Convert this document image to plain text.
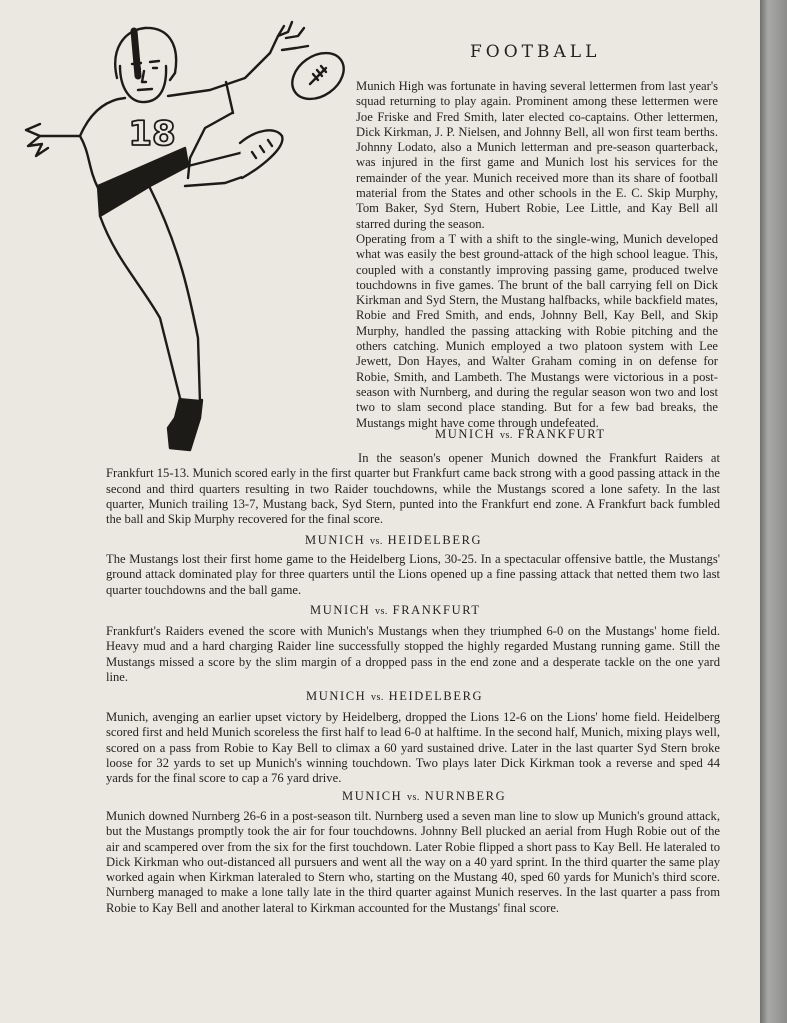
18
FOOTBALL

Munich High was fortunate in having several lettermen from last year's squad returning to play again. Prominent among these lettermen were Joe Friske and Fred Smith, later elected co-captains. Other lettermen, Dick Kirkman, J. P. Nielsen, and Johnny Bell, all won first team berths. Johnny Lodato, also a Munich letterman and pre-season quarterback, was injured in the first game and Munich lost his services for the remainder of the year. Munich received more than its share of football material from the States and other schools in the E. C. Skip Murphy, Tom Baker, Syd Stern, Hubert Robie, Lee Little, and Kay Bell all starred during the season.

Operating from a T with a shift to the single-wing, Munich developed what was easily the best ground-attack of the high school league. This, coupled with a constantly improving passing game, produced twelve touchdowns in five games. The brunt of the ball carrying fell on Dick Kirkman and Syd Stern, the Mustang halfbacks, while backfield mates, Robie and Fred Smith, and ends, Johnny Bell, Kay Bell, and Skip Murphy, handled the passing attacking with Robie pitching and the others catching. Munich employed a two platoon system with Lee Jewett, Don Hayes, and Walter Graham coming in on defense for Robie, Smith, and Lambeth. The Mustangs were victorious in a post-season with Nurnberg, and during the regular season won two and lost two to slam second place standing. But for a few bad breaks, the Mustangs might have come through undefeated.

MUNICH vs. FRANKFURT

In the season's opener Munich downed the Frankfurt Raiders at Frankfurt 15-13. Munich scored early in the first quarter but Frankfurt came back strong with a good passing attack in the second and third quarters resulting in two Raider touchdowns, while the Mustangs scored a lone safety. In the last quarter, Munich trailing 13-7, Mustang back, Syd Stern, punted into the Frankfurt end zone. A Frankfurt back fumbled the ball and Skip Murphy recovered for the final score.

MUNICH vs. HEIDELBERG

The Mustangs lost their first home game to the Heidelberg Lions, 30-25. In a spectacular offensive battle, the Mustangs' ground attack dominated play for three quarters until the Lions opened up a fine passing attack that netted them two last quarter touchdowns and the ball game.

MUNICH vs. FRANKFURT

Frankfurt's Raiders evened the score with Munich's Mustangs when they triumphed 6-0 on the Mustangs' home field. Heavy mud and a hard charging Raider line successfully stopped the highly regarded Mustang running game. Still the Mustangs missed a score by the slim margin of a dropped pass in the end zone and a desperate tackle on the one yard line.

MUNICH vs. HEIDELBERG

Munich, avenging an earlier upset victory by Heidelberg, dropped the Lions 12-6 on the Lions' home field. Heidelberg scored first and held Munich scoreless the first half to lead 6-0 at halftime. In the second half, Munich, mixing plays well, scored on a pass from Robie to Kay Bell to climax a 60 yard sustained drive. Later in the last quarter Syd Stern broke loose for 32 yards to set up Munich's winning touchdown. Two plays later Dick Kirkman took a reverse and sped 44 yards for the final score to cap a 76 yard drive.

MUNICH vs. NURNBERG

Munich downed Nurnberg 26-6 in a post-season tilt. Nurnberg used a seven man line to slow up Munich's ground attack, but the Mustangs promptly took the air for four touchdowns. Johnny Bell plucked an aerial from Hugh Robie out of the air and scampered over from the six for the first touchdown. Later Robie flipped a short pass to Kay Bell. He lateraled to Dick Kirkman who out-distanced all pursuers and went all the way on a 40 yard sprint. In the third quarter the same play worked again when Kirkman lateraled to Stern who, starting on the Mustang 40, sped 60 yards for Munich's third score. Nurnberg managed to make a lone tally late in the third quarter against Munich reserves. In the last quarter a pass from Robie to Kay Bell and another lateral to Kirkman accounted for the Mustangs' final score.
